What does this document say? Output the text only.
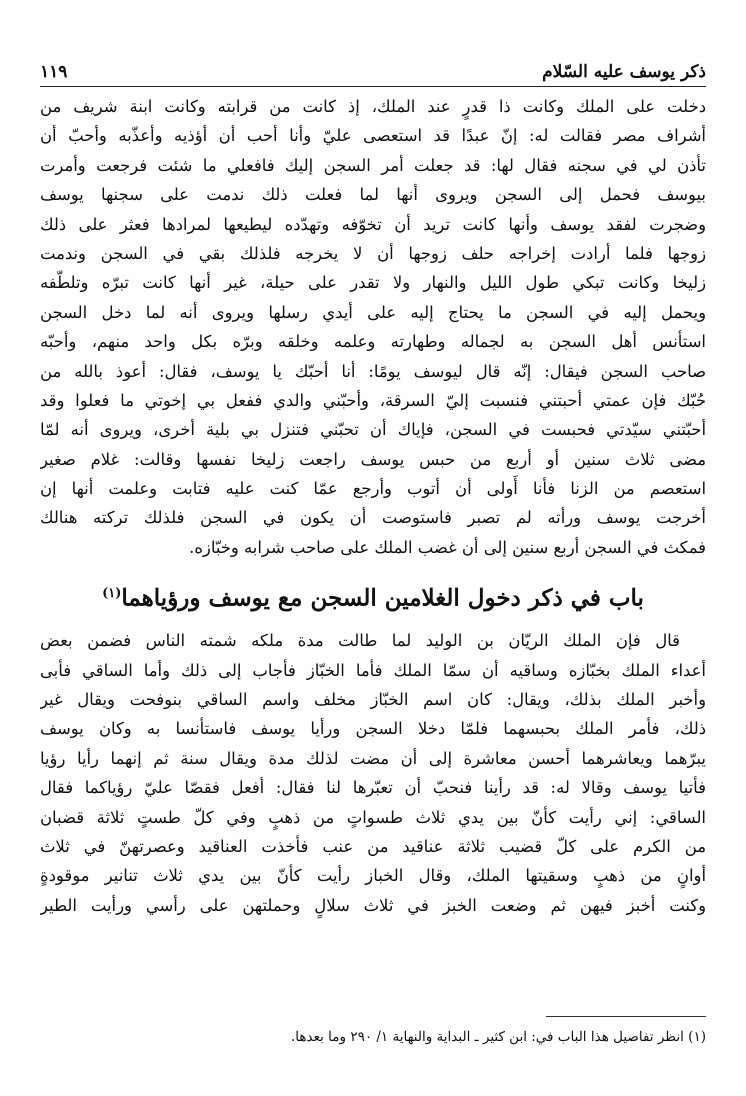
١١٩	ذكر يوسف عليه السّلام
دخلت على الملك وكانت ذا قدرٍ عند الملك، إذ كانت من قرابته وكانت ابنة شريف من
أشراف مصر فقالت له: إنّ عبدًا قد استعصى عليّ وأنا أحب أن أؤذيه وأعذّبه وأحبّ أن
تأذن لي في سجنه فقال لها: قد جعلت أمر السجن إليك فافعلي ما شئت فرجعت وأمرت
بيوسف فحمل إلى السجن ويروى أنها لما فعلت ذلك ندمت على سجنها يوسف
وضجرت لفقد يوسف وأنها كانت تريد أن تخوّفه وتهدّده ليطيعها لمرادها فعثر على ذلك
زوجها فلما أرادت إخراجه حلف زوجها أن لا يخرجه فلذلك بقي في السجن وندمت
زليخا وكانت تبكي طول الليل والنهار ولا تقدر على حيلة، غير أنها كانت تبرّه وتلطّفه
ويحمل إليه في السجن ما يحتاج إليه على أيدي رسلها ويروى أنه لما دخل السجن
استأنس أهل السجن به لجماله وطهارته وعلمه وخلقه وبرّه بكل واحد منهم، وأحبّه
صاحب السجن فيقال: إنّه قال ليوسف يومًا: أنا أحبّك يا يوسف، فقال: أعوذ بالله من
حُبّك فإن عمتي أحبتني فنسبت إليّ السرقة، وأحبّني والدي ففعل بي إخوتي ما فعلوا وقد
أحبّتني سيّدتي فحبست في السجن، فإياك أن تحبّني فتنزل بي بلية أخرى، ويروى أنه لمّا
مضى ثلاث سنين أو أربع من حبس يوسف راجعت زليخا نفسها وقالت: غلام صغير
استعصم من الزنا فأنا أَولى أن أتوب وأرجع عمّا كنت عليه فتابت وعلمت أنها إن
أخرجت يوسف ورأته لم تصبر فاستوصت أن يكون في السجن فلذلك تركته هنالك
فمكث في السجن أربع سنين إلى أن غضب الملك على صاحب شرابه وخبّازه.
باب في ذكر دخول الغلامين السجن مع يوسف ورؤياهما$^{(١)}$
قال فإن الملك الريّان بن الوليد لما طالت مدة ملكه شمته الناس فضمن بعض
أعداء الملك بخبّازه وساقيه أن سمّا الملك فأما الخبّاز فأجاب إلى ذلك وأما الساقي فأبى
وأخبر الملك بذلك، ويقال: كان اسم الخبّاز مخلف واسم الساقي بنوفحت ويقال غير
ذلك، فأمر الملك بحبسهما فلمّا دخلا السجن ورأيا يوسف فاستأنسا به وكان يوسف
يبرّهما ويعاشرهما أحسن معاشرة إلى أن مضت لذلك مدة ويقال سنة ثم إنهما رأيا رؤيا
فأتيا يوسف وقالا له: قد رأينا فنحبّ أن تعبّرها لنا فقال: أفعل فقصّا عليّ رؤياكما فقال
الساقي: إني رأيت كأنّ بين يدي ثلاث طسواتٍ من ذهبٍ وفي كلّ طستٍ ثلاثة قضبان
من الكرم على كلّ قضيب ثلاثة عناقيد من عنب فأخذت العناقيد وعصرتهنّ في ثلاث
أوانٍ من ذهبٍ وسقيتها الملك، وقال الخباز رأيت كأنّ بين يدي ثلاث تنانير موقودةٍ
وكنت أخبز فيهن ثم وضعت الخبز في ثلاث سلالٍ وحملتهن على رأسي ورأيت الطير
(١) انظر تفاصيل هذا الباب في: ابن كثير ـ البداية والنهاية ١/ ٢٩٠ وما بعدها.
